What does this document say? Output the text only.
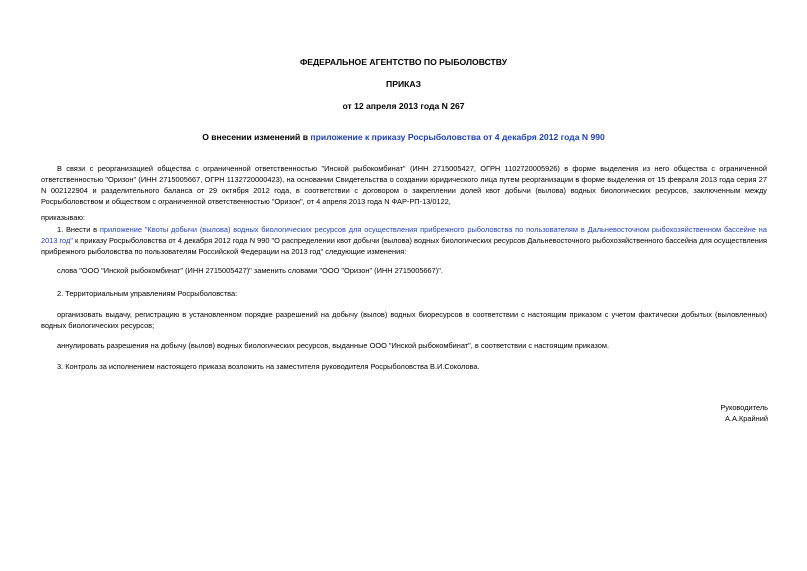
ФЕДЕРАЛЬНОЕ АГЕНТСТВО ПО РЫБОЛОВСТВУ
ПРИКАЗ
от 12 апреля 2013 года N 267
О внесении изменений в приложение к приказу Росрыболовства от 4 декабря 2012 года N 990
В связи с реорганизацией общества с ограниченной ответственностью "Инской рыбокомбинат" (ИНН 2715005427, ОГРН 1102720005926) в форме выделения из него общества с ограниченной ответственностью "Оризон" (ИНН 2715005667, ОГРН 1132720000423), на основании Свидетельства о создании юридического лица путем реорганизации в форме выделения от 15 февраля 2013 года серия 27 N 002122904 и разделительного баланса от 29 октября 2012 года, в соответствии с договором о закреплении долей квот добычи (вылова) водных биологических ресурсов, заключенным между Росрыболовством и обществом с ограниченной ответственностью "Оризон", от 4 апреля 2013 года N ФАР-РП-13/0122,
приказываю:
1. Внести в приложение "Квоты добычи (вылова) водных биологических ресурсов для осуществления прибрежного рыболовства по пользователям в Дальневосточном рыбохозяйственном бассейне на 2013 год" к приказу Росрыболовства от 4 декабря 2012 года N 990 "О распределении квот добычи (вылова) водных биологических ресурсов Дальневосточного рыбохозяйственного бассейна для осуществления прибрежного рыболовства по пользователям Российской Федерации на 2013 год" следующие изменения:
слова "ООО "Инской рыбокомбинат" (ИНН 2715005427)" заменить словами "ООО "Оризон" (ИНН 2715005667)".
2. Территориальным управлениям Росрыболовства:
организовать выдачу, регистрацию в установленном порядке разрешений на добычу (вылов) водных биоресурсов в соответствии с настоящим приказом с учетом фактически добытых (выловленных) водных биологических ресурсов;
аннулировать разрешения на добычу (вылов) водных биологических ресурсов, выданные ООО "Инской рыбокомбинат", в соответствии с настоящим приказом.
3. Контроль за исполнением настоящего приказа возложить на заместителя руководителя Росрыболовства В.И.Соколова.
Руководитель
А.А.Крайний
